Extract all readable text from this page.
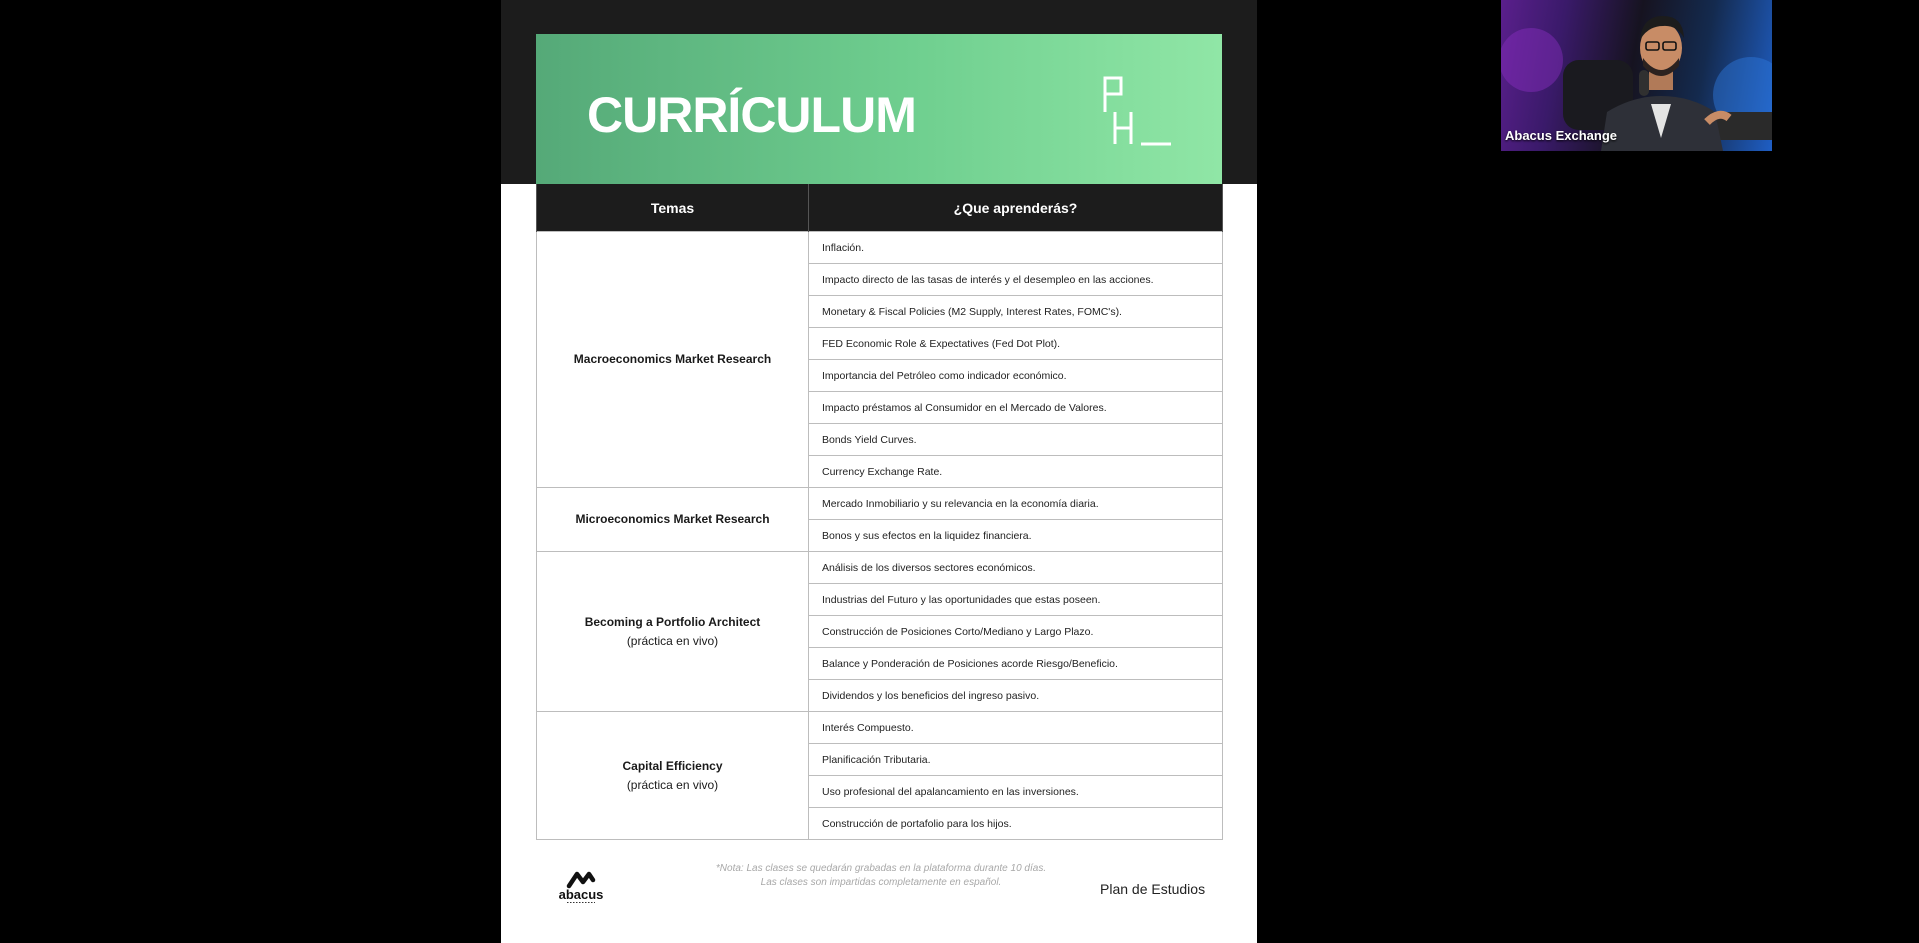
CURRÍCULUM
Temas	¿Que aprenderás?
Macroeconomics Market Research	Inflación.
	Impacto directo de las tasas de interés y el desempleo en las acciones.
	Monetary & Fiscal Policies (M2 Supply, Interest Rates, FOMC's).
	FED Economic Role & Expectatives (Fed Dot Plot).
	Importancia del Petróleo como indicador económico.
	Impacto préstamos al Consumidor en el Mercado de Valores.
	Bonds Yield Curves.
	Currency Exchange Rate.
Microeconomics Market Research	Mercado Inmobiliario y su relevancia en la economía diaria.
	Bonos y sus efectos en la liquidez financiera.
Becoming a Portfolio Architect
(práctica en vivo)	Análisis de los diversos sectores económicos.
	Industrias del Futuro y las oportunidades que estas poseen.
	Construcción de Posiciones Corto/Mediano y Largo Plazo.
	Balance y Ponderación de Posiciones acorde Riesgo/Beneficio.
	Dividendos y los beneficios del ingreso pasivo.
Capital Efficiency
(práctica en vivo)	Interés Compuesto.
	Planificación Tributaria.
	Uso profesional del apalancamiento en las inversiones.
	Construcción de portafolio para los hijos.
abacus
*Nota: Las clases se quedarán grabadas en la plataforma durante 10 días.
Las clases son impartidas completamente en español.	Plan de Estudios
Abacus Exchange
